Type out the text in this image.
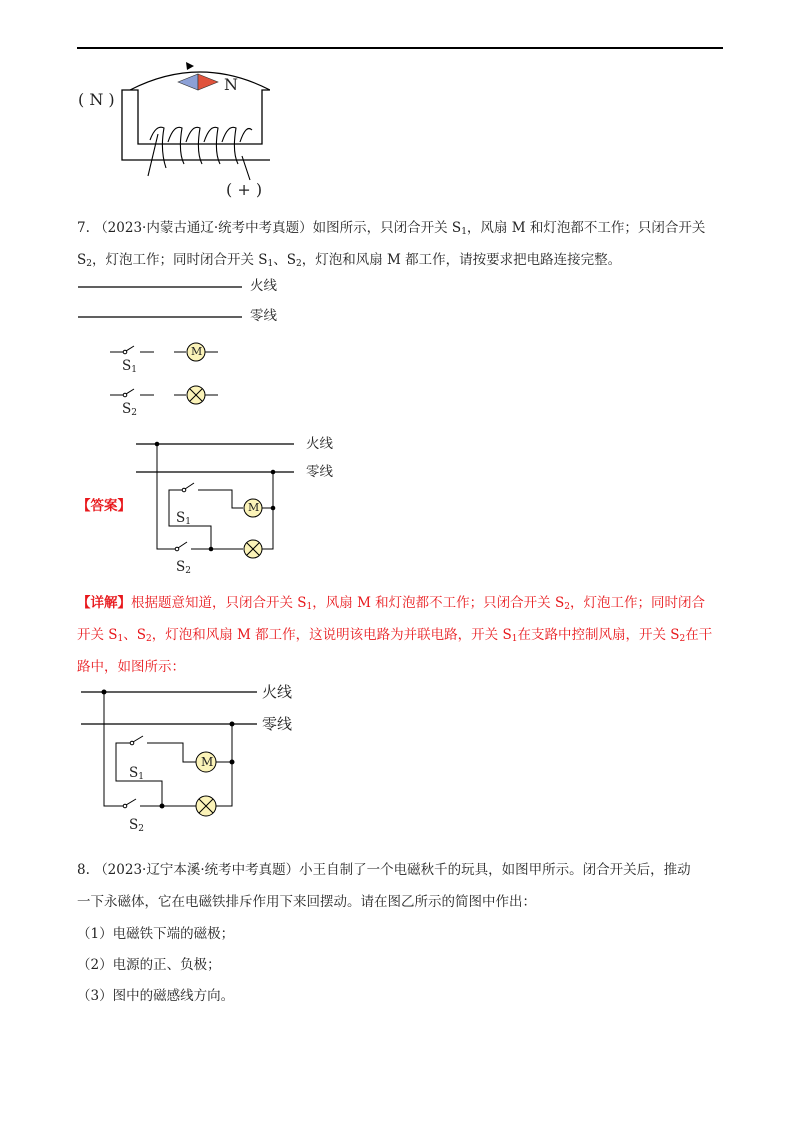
( N )
N
( + )
7. （2023·内蒙古通辽·统考中考真题）如图所示，只闭合开关 $S_1$，风扇 M 和灯泡都不工作；只闭合开关
$S_2$，灯泡工作；同时闭合开关 $S_1$、$S_2$，灯泡和风扇 M 都工作，请按要求把电路连接完整。
火线
零线
M
$S_1$
$S_2$
【答案】
火线
零线
M
$S_1$
$S_2$
【详解】根据题意知道，只闭合开关 $S_1$，风扇 M 和灯泡都不工作；只闭合开关 $S_2$，灯泡工作；同时闭合
开关 $S_1$、$S_2$，灯泡和风扇 M 都工作，这说明该电路为并联电路，开关 $S_1$在支路中控制风扇，开关 $S_2$在干
路中，如图所示：
火线
零线
M
$S_1$
$S_2$
8. （2023·辽宁本溪·统考中考真题）小王自制了一个电磁秋千的玩具，如图甲所示。闭合开关后，推动
一下永磁体，它在电磁铁排斥作用下来回摆动。请在图乙所示的简图中作出：
（1）电磁铁下端的磁极；
（2）电源的正、负极；
（3）图中的磁感线方向。
